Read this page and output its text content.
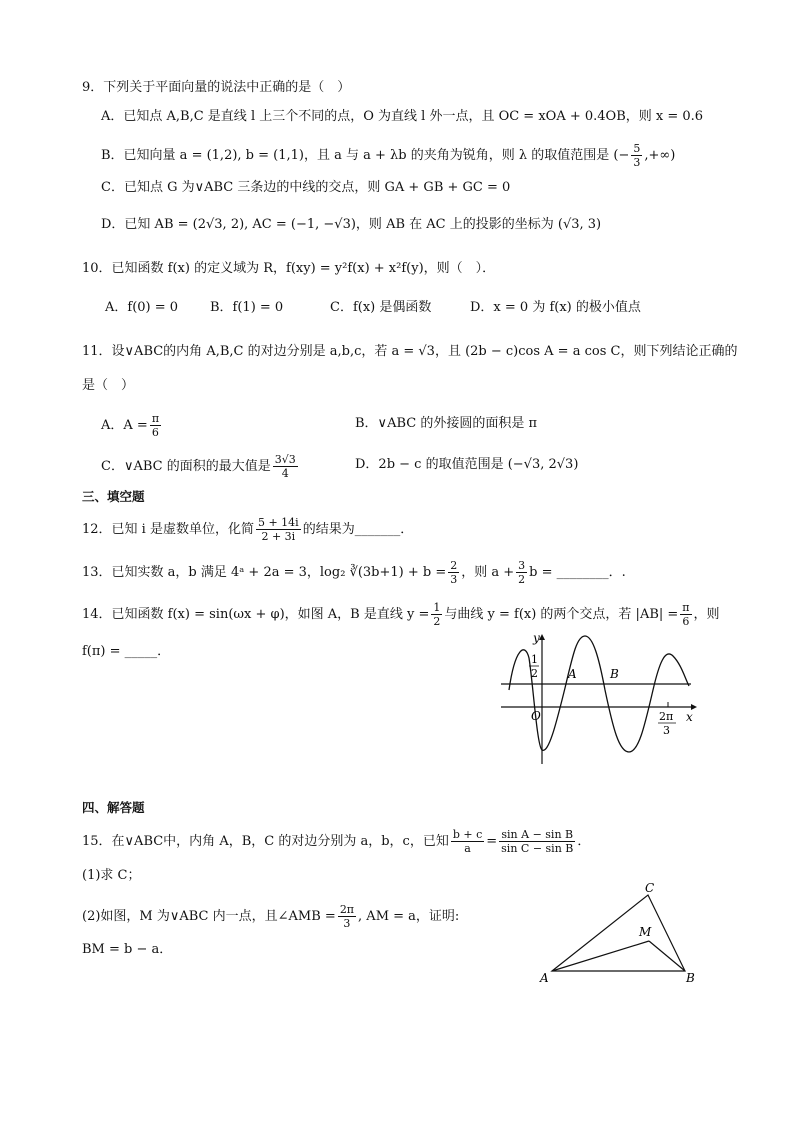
9．下列关于平面向量的说法中正确的是（　）
A．已知点 A,B,C 是直线 l 上三个不同的点，O 为直线 l 外一点，且 OC = xOA + 0.4OB，则 x = 0.6
B．已知向量 a = (1,2), b = (1,1)，且 a 与 a + λb 的夹角为锐角，则 λ 的取值范围是 (− $\frac{5}{3}$ ,+∞)
C．已知点 G 为∨ABC 三条边的中线的交点，则 GA + GB + GC = 0
D．已知 AB = (2√3, 2), AC = (−1, −√3)，则 AB 在 AC 上的投影的坐标为 (√3, 3)
10．已知函数 f(x) 的定义域为 R，f(xy) = y²f(x) + x²f(y)，则（　）．
A．f(0) = 0 B．f(1) = 0	C．f(x) 是偶函数	D．x = 0 为 f(x) 的极小值点
11．设∨ABC的内角 A,B,C 的对边分别是 a,b,c，若 a = √3，且 (2b − c)cos A = a cos C，则下列结论正确的
是（　）
A．$A = \frac{\pi}{6}$	B．∨ABC 的外接圆的面积是 π
C．∨ABC 的面积的最大值是 $\frac{3√3}{4}$	D．2b − c 的取值范围是 (−√3, 2√3)
三、填空题
12．已知 i 是虚数单位，化简 $\frac{5 + 14i}{2 + 3i}$ 的结果为_______．
13．已知实数 a，b 满足 4ᵃ + 2a = 3，log₂ ∛(3b+1) + $b = \frac{2}{3}$ ，则 $a + \frac{3}{2}$ b = ________．.
14．已知函数 f(x) = sin(ωx + φ)，如图 A，B 是直线 $y = \frac{1}{2}$ 与曲线 y = f(x) 的两个交点，若 $|AB| = \frac{\pi}{6}$ ，则
f(π) = _____．
y
x
O
A	B
1
2
2π
3
四、解答题
15．在∨ABC中，内角 A，B，C 的对边分别为 a，b，c，已知 $\frac{b + c}{a} = \frac{\text{sin A − sin B}}{\text{sin C − sin B}}$ ．
(1)求 C；
(2)如图，M 为∨ABC 内一点，且∠AMB = $\frac{2\pi}{3}$ , AM = a，证明:
BM = b − a．
A	B
C
M
